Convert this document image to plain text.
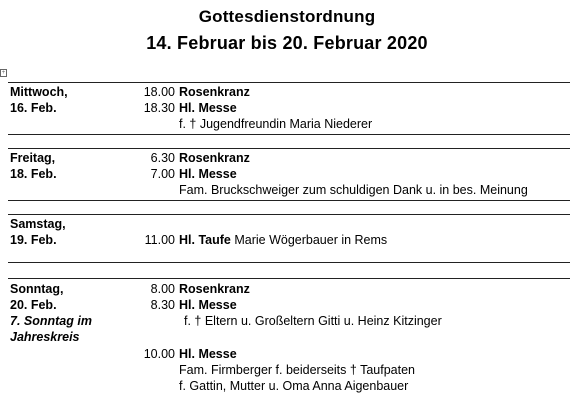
Gottesdienstordnung
14. Februar bis 20. Februar 2020
+
Mittwoch,
16. Feb.
18.00 Rosenkranz
18.30 Hl. Messe
f. † Jugendfreundin Maria Niederer
Freitag,
18. Feb.
6.30 Rosenkranz
7.00 Hl. Messe
Fam. Bruckschweiger zum schuldigen Dank u. in bes. Meinung
Samstag,
19. Feb.	11.00 Hl. Taufe Marie Wögerbauer in Rems
Sonntag,
20. Feb.
7. Sonntag im
Jahreskreis
8.00 Rosenkranz
8.30 Hl. Messe
f. † Eltern u. Großeltern Gitti u. Heinz Kitzinger
10.00 Hl. Messe
Fam. Firmberger f. beiderseits † Taufpaten
f. Gattin, Mutter u. Oma Anna Aigenbauer
